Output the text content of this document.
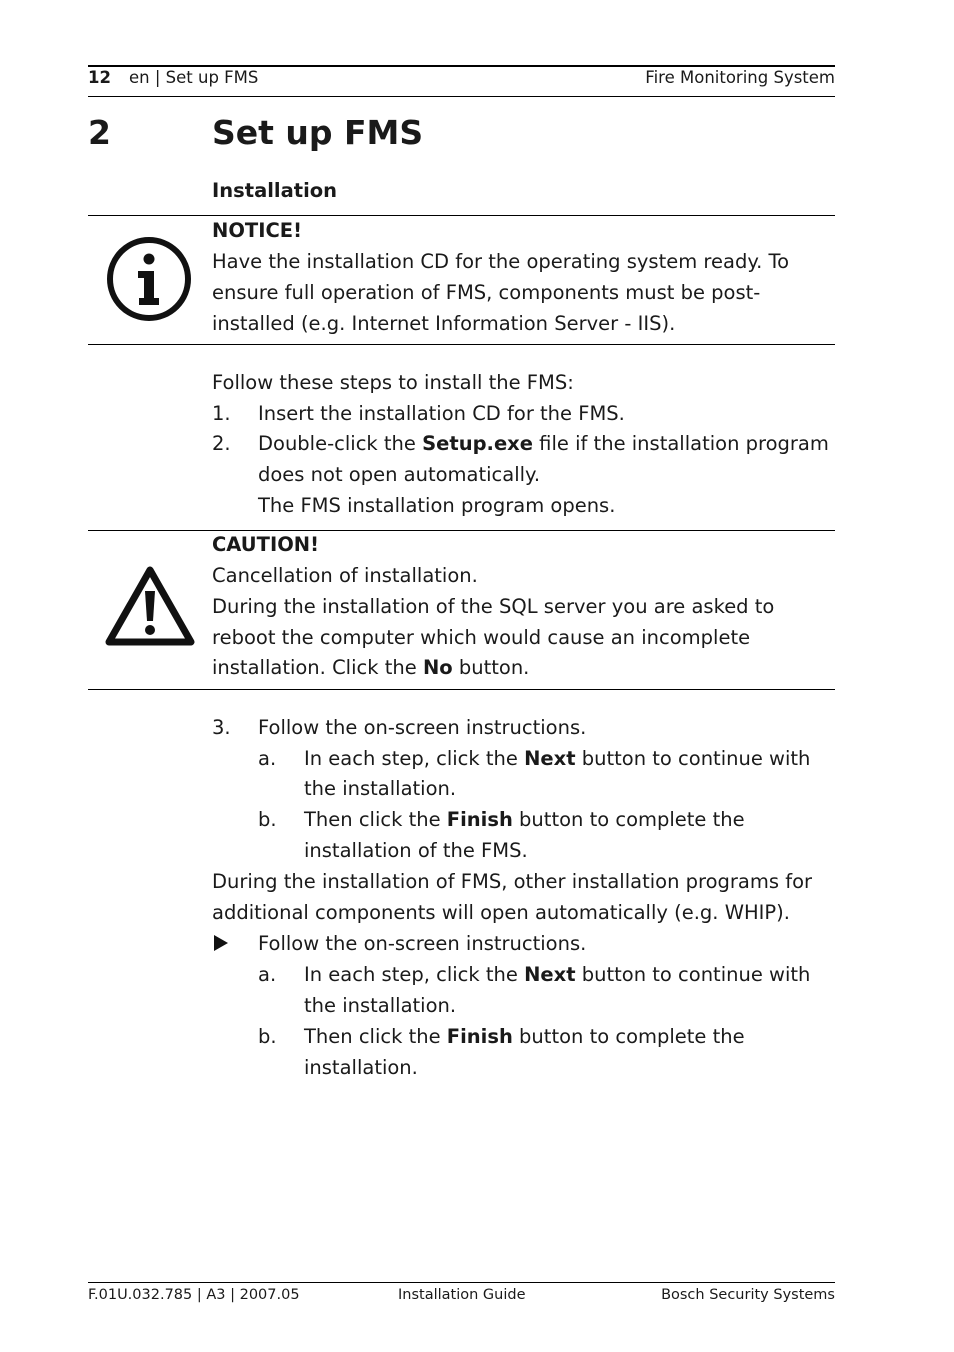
12 en | Set up FMS	Fire Monitoring System
2	Set up FMS
Installation
NOTICE!
Have the installation CD for the operating system ready. To
ensure full operation of FMS, components must be post-
installed (e.g. Internet Information Server - IIS).
Follow these steps to install the FMS:
1. Insert the installation CD for the FMS.
2. Double-click the Setup.exe file if the installation program
does not open automatically.
The FMS installation program opens.
CAUTION!
Cancellation of installation.
During the installation of the SQL server you are asked to
reboot the computer which would cause an incomplete
installation. Click the No button.
3. Follow the on-screen instructions.
a. In each step, click the Next button to continue with
the installation.
b. Then click the Finish button to complete the
installation of the FMS.
During the installation of FMS, other installation programs for
additional components will open automatically (e.g. WHIP).
Follow the on-screen instructions.
a. In each step, click the Next button to continue with
the installation.
b. Then click the Finish button to complete the
installation.
F.01U.032.785 | A3 | 2007.05	Installation Guide	Bosch Security Systems
